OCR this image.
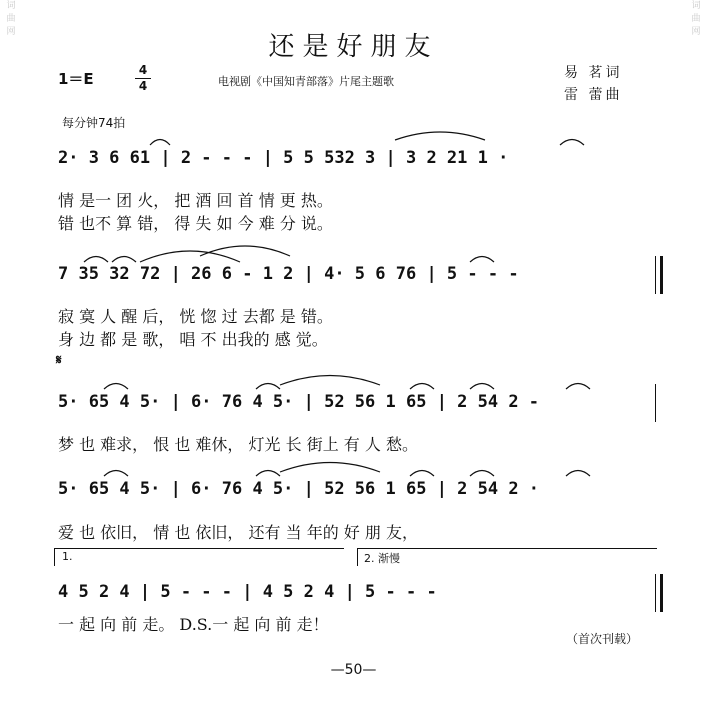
词
曲
网
词
曲
网
还是好朋友
1＝E	4
4	电视剧《中国知青部落》片尾主题歌
易 茗词
雷 蕾曲
每分钟74拍
2· 3 6 61 | 2 - - - | 5 5 532 3 | 3 2 21 1 ·
情 是一 团 火， 把 酒 回 首 情 更 热。
错 也不 算 错， 得 失 如 今 难 分 说。
7 35 32 72 | 26 6 - 1 2 | 4· 5 6 76 | 5 - - -
寂 寞 人 醒 后， 恍 惚 过 去都 是 错。
身 边 都 是 歌， 唱 不 出我的 感 觉。
𝄋
5· 65 4 5· | 6· 76 4 5· | 52 56 1 65 | 2 54 2 -
梦 也 难求， 恨 也 难休， 灯光 长 街上 有 人 愁。
5· 65 4 5· | 6· 76 4 5· | 52 56 1 65 | 2 54 2 ·
爱 也 依旧， 情 也 依旧， 还有 当 年的 好 朋 友，
1.	2. 渐慢
4 5 2 4 | 5 - - - | 4 5 2 4 | 5 - - -
一 起 向 前 走。 D.S.一 起 向 前 走！
（首次刊载）
—50—
